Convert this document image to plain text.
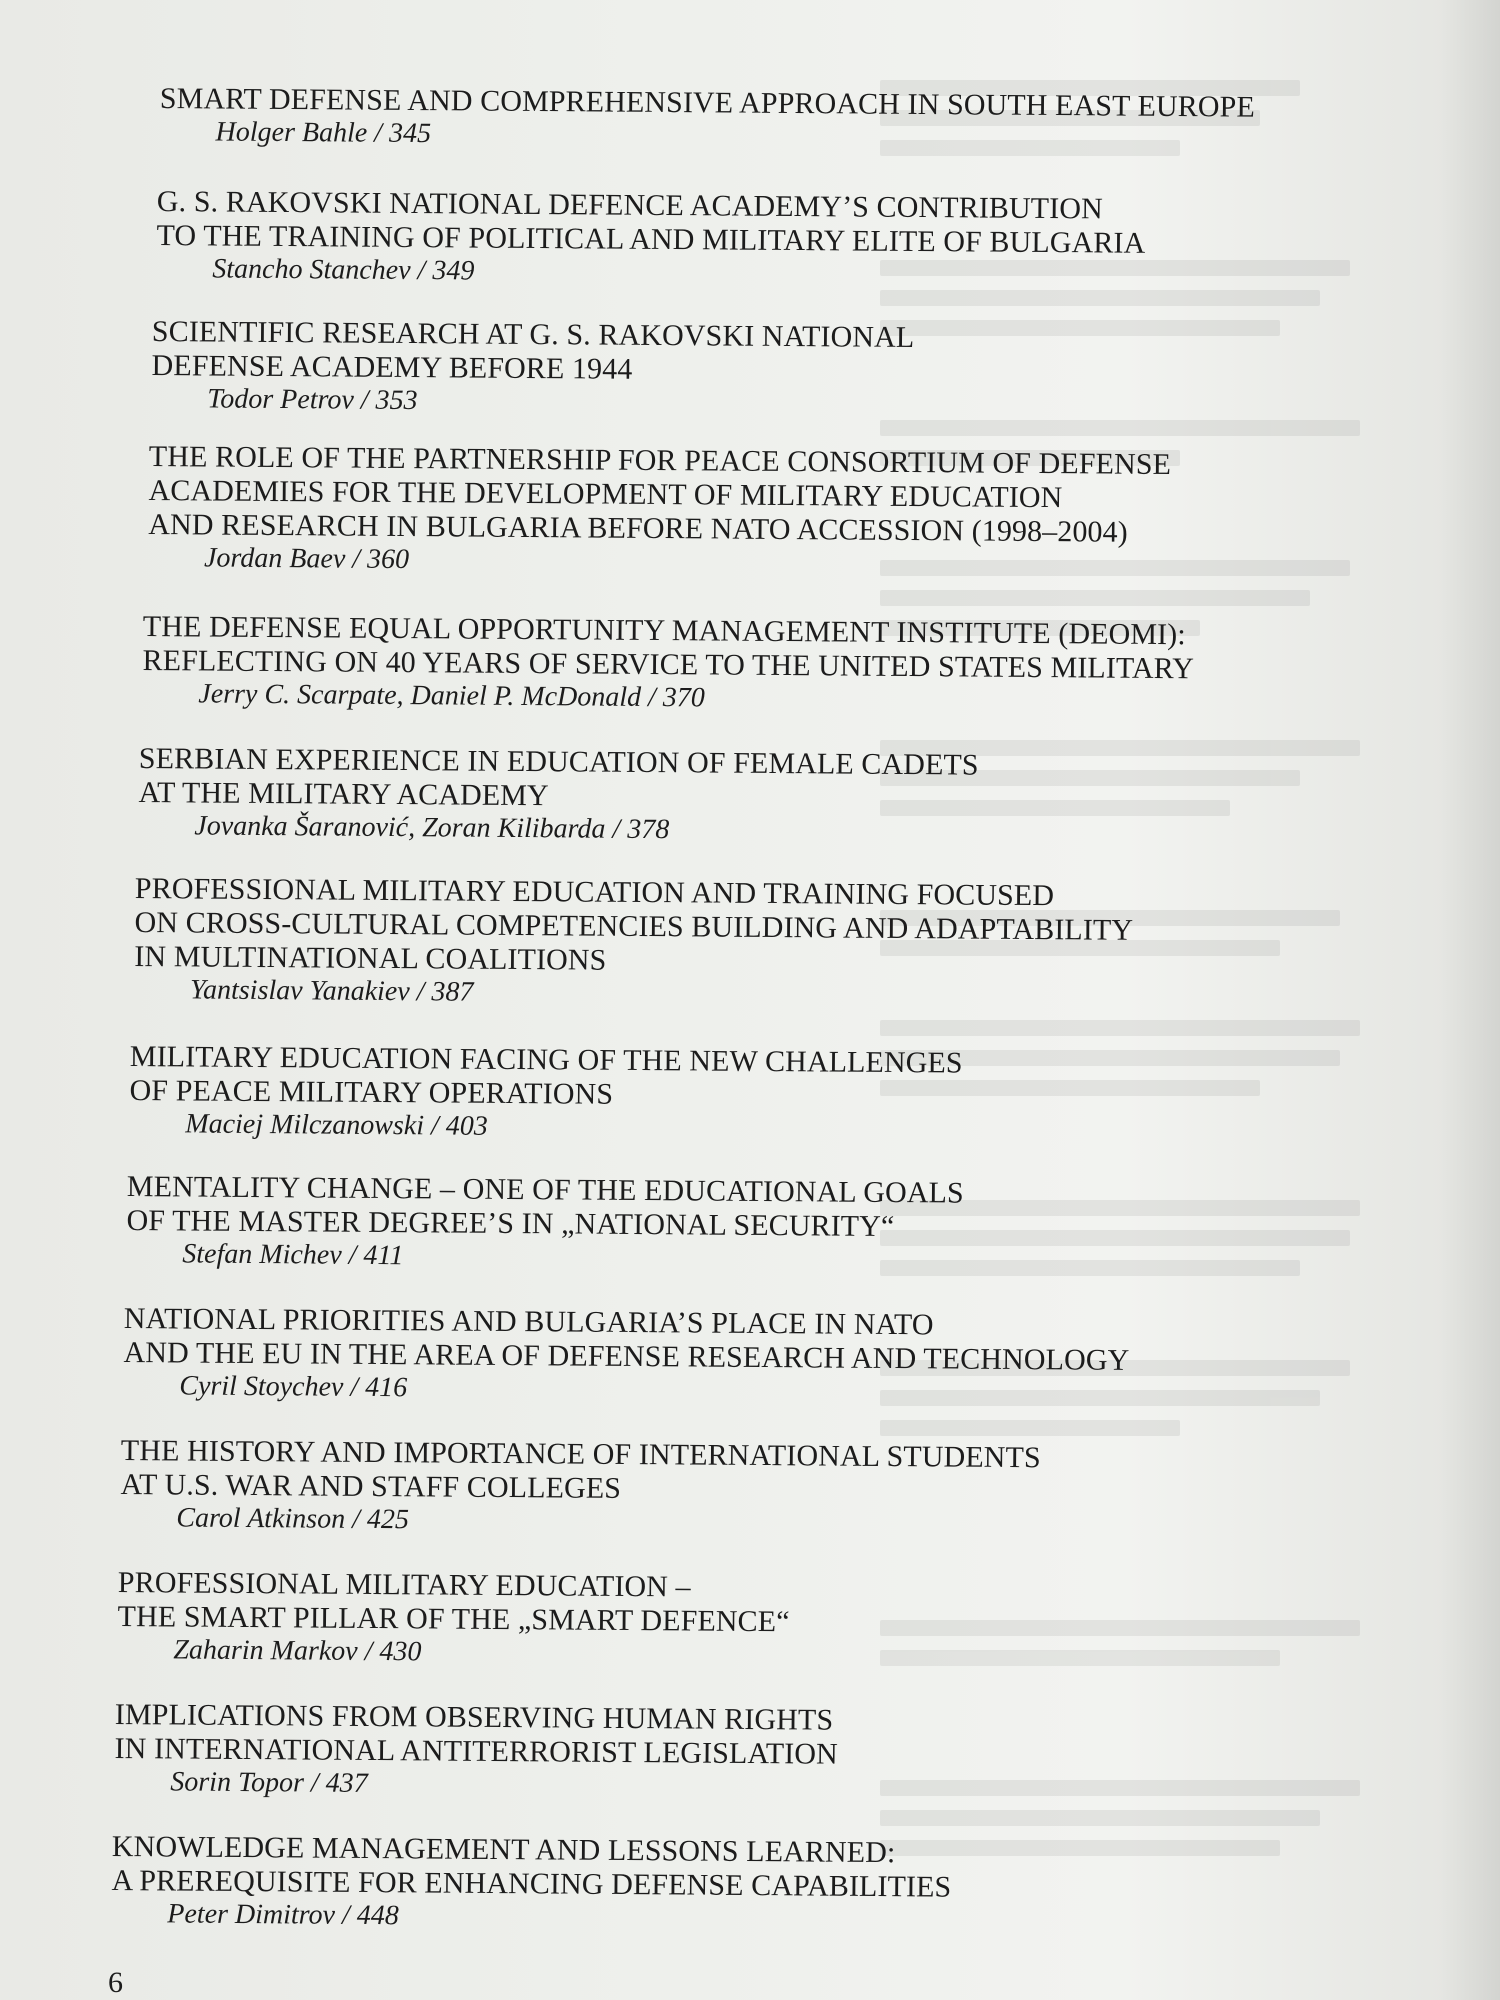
SMART DEFENSE AND COMPREHENSIVE APPROACH IN SOUTH EAST EUROPE
Holger Bahle / 345
G. S. RAKOVSKI NATIONAL DEFENCE ACADEMY’S CONTRIBUTION
TO THE TRAINING OF POLITICAL AND MILITARY ELITE OF BULGARIA
Stancho Stanchev / 349
SCIENTIFIC RESEARCH AT G. S. RAKOVSKI NATIONAL
DEFENSE ACADEMY BEFORE 1944
Todor Petrov / 353
THE ROLE OF THE PARTNERSHIP FOR PEACE CONSORTIUM OF DEFENSE
ACADEMIES FOR THE DEVELOPMENT OF MILITARY EDUCATION
AND RESEARCH IN BULGARIA BEFORE NATO ACCESSION (1998–2004)
Jordan Baev / 360
THE DEFENSE EQUAL OPPORTUNITY MANAGEMENT INSTITUTE (DEOMI):
REFLECTING ON 40 YEARS OF SERVICE TO THE UNITED STATES MILITARY
Jerry C. Scarpate, Daniel P. McDonald / 370
SERBIAN EXPERIENCE IN EDUCATION OF FEMALE CADETS
AT THE MILITARY ACADEMY
Jovanka Šaranović, Zoran Kilibarda / 378
PROFESSIONAL MILITARY EDUCATION AND TRAINING FOCUSED
ON CROSS-CULTURAL COMPETENCIES BUILDING AND ADAPTABILITY
IN MULTINATIONAL COALITIONS
Yantsislav Yanakiev / 387
MILITARY EDUCATION FACING OF THE NEW CHALLENGES
OF PEACE MILITARY OPERATIONS
Maciej Milczanowski / 403
MENTALITY CHANGE – ONE OF THE EDUCATIONAL GOALS
OF THE MASTER DEGREE’S IN „NATIONAL SECURITY“
Stefan Michev / 411
NATIONAL PRIORITIES AND BULGARIA’S PLACE IN NATO
AND THE EU IN THE AREA OF DEFENSE RESEARCH AND TECHNOLOGY
Cyril Stoychev / 416
THE HISTORY AND IMPORTANCE OF INTERNATIONAL STUDENTS
AT U.S. WAR AND STAFF COLLEGES
Carol Atkinson / 425
PROFESSIONAL MILITARY EDUCATION –
THE SMART PILLAR OF THE „SMART DEFENCE“
Zaharin Markov / 430
IMPLICATIONS FROM OBSERVING HUMAN RIGHTS
IN INTERNATIONAL ANTITERRORIST LEGISLATION
Sorin Topor / 437
KNOWLEDGE MANAGEMENT AND LESSONS LEARNED:
A PREREQUISITE FOR ENHANCING DEFENSE CAPABILITIES
Peter Dimitrov / 448
6
